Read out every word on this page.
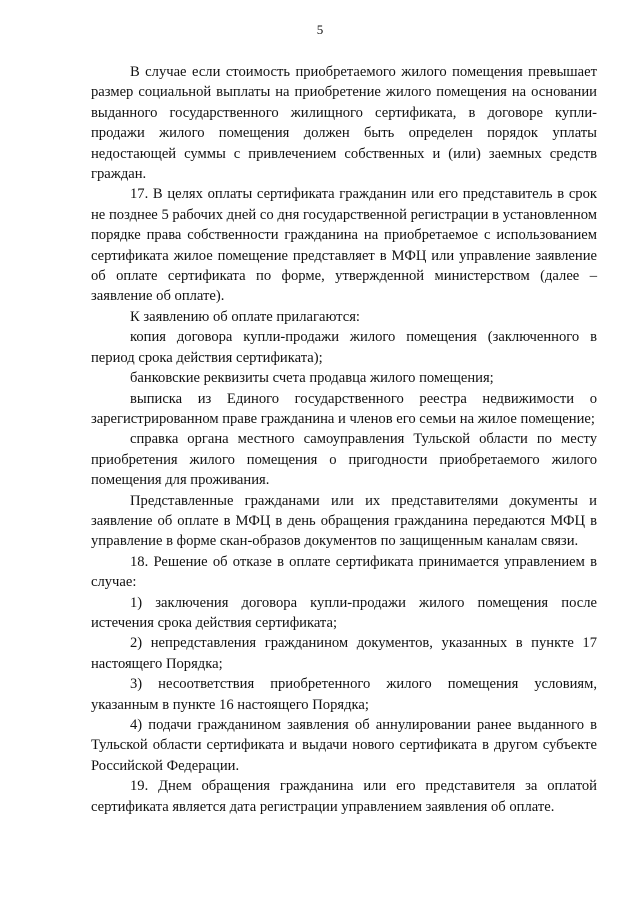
5

В случае если стоимость приобретаемого жилого помещения превышает размер социальной выплаты на приобретение жилого помещения на основании выданного государственного жилищного сертификата, в договоре купли-продажи жилого помещения должен быть определен порядок уплаты недостающей суммы с привлечением собственных и (или) заемных средств граждан.

17. В целях оплаты сертификата гражданин или его представитель в срок не позднее 5 рабочих дней со дня государственной регистрации в установленном порядке права собственности гражданина на приобретаемое с использованием сертификата жилое помещение представляет в МФЦ или управление заявление об оплате сертификата по форме, утвержденной министерством (далее – заявление об оплате).

К заявлению об оплате прилагаются:

копия договора купли-продажи жилого помещения (заключенного в период срока действия сертификата);

банковские реквизиты счета продавца жилого помещения;

выписка из Единого государственного реестра недвижимости о зарегистрированном праве гражданина и членов его семьи на жилое помещение;

справка органа местного самоуправления Тульской области по месту приобретения жилого помещения о пригодности приобретаемого жилого помещения для проживания.

Представленные гражданами или их представителями документы и заявление об оплате в МФЦ в день обращения гражданина передаются МФЦ в управление в форме скан-образов документов по защищенным каналам связи.

18. Решение об отказе в оплате сертификата принимается управлением в случае:

1) заключения договора купли-продажи жилого помещения после истечения срока действия сертификата;

2) непредставления гражданином документов, указанных в пункте 17 настоящего Порядка;

3) несоответствия приобретенного жилого помещения условиям, указанным в пункте 16 настоящего Порядка;

4) подачи гражданином заявления об аннулировании ранее выданного в Тульской области сертификата и выдачи нового сертификата в другом субъекте Российской Федерации.

19. Днем обращения гражданина или его представителя за оплатой сертификата является дата регистрации управлением заявления об оплате.
